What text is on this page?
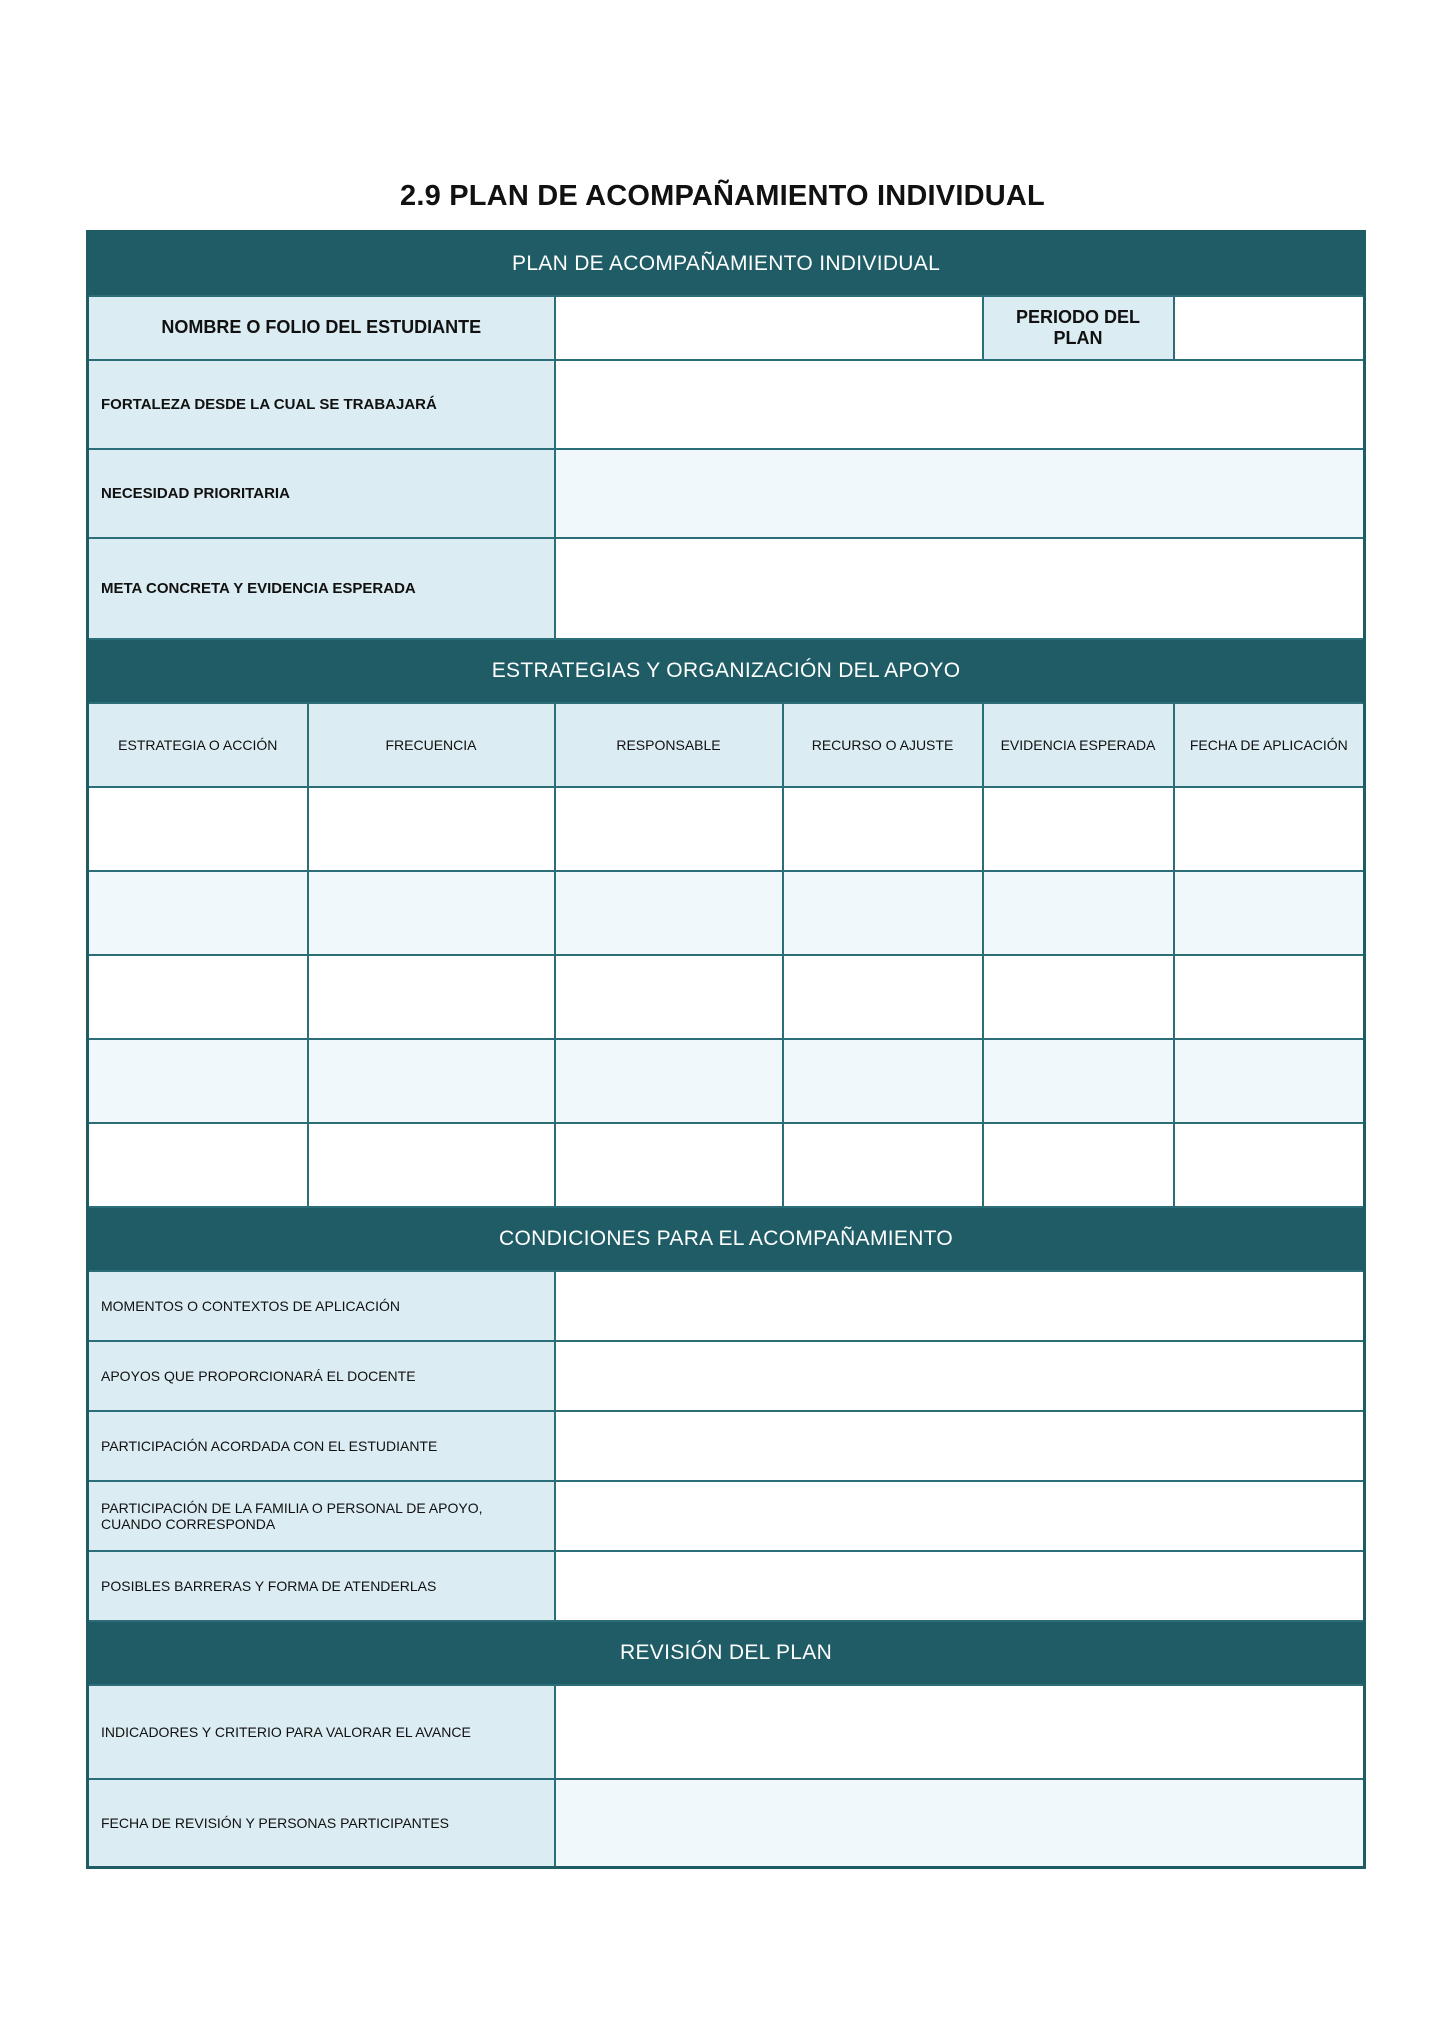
2.9 PLAN DE ACOMPAÑAMIENTO INDIVIDUAL
PLAN DE ACOMPAÑAMIENTO INDIVIDUAL					
NOMBRE O FOLIO DEL ESTUDIANTE				PERIODO DEL PLAN	
FORTALEZA DESDE LA CUAL SE TRABAJARÁ					
NECESIDAD PRIORITARIA					
META CONCRETA Y EVIDENCIA ESPERADA					
ESTRATEGIAS Y ORGANIZACIÓN DEL APOYO					
ESTRATEGIA O ACCIÓN	FRECUENCIA	RESPONSABLE	RECURSO O AJUSTE	EVIDENCIA ESPERADA	FECHA DE APLICACIÓN

CONDICIONES PARA EL ACOMPAÑAMIENTO					
MOMENTOS O CONTEXTOS DE APLICACIÓN					
APOYOS QUE PROPORCIONARÁ EL DOCENTE					
PARTICIPACIÓN ACORDADA CON EL ESTUDIANTE					
PARTICIPACIÓN DE LA FAMILIA O PERSONAL DE APOYO, CUANDO CORRESPONDA					
POSIBLES BARRERAS Y FORMA DE ATENDERLAS					
REVISIÓN DEL PLAN					
INDICADORES Y CRITERIO PARA VALORAR EL AVANCE					
FECHA DE REVISIÓN Y PERSONAS PARTICIPANTES					
